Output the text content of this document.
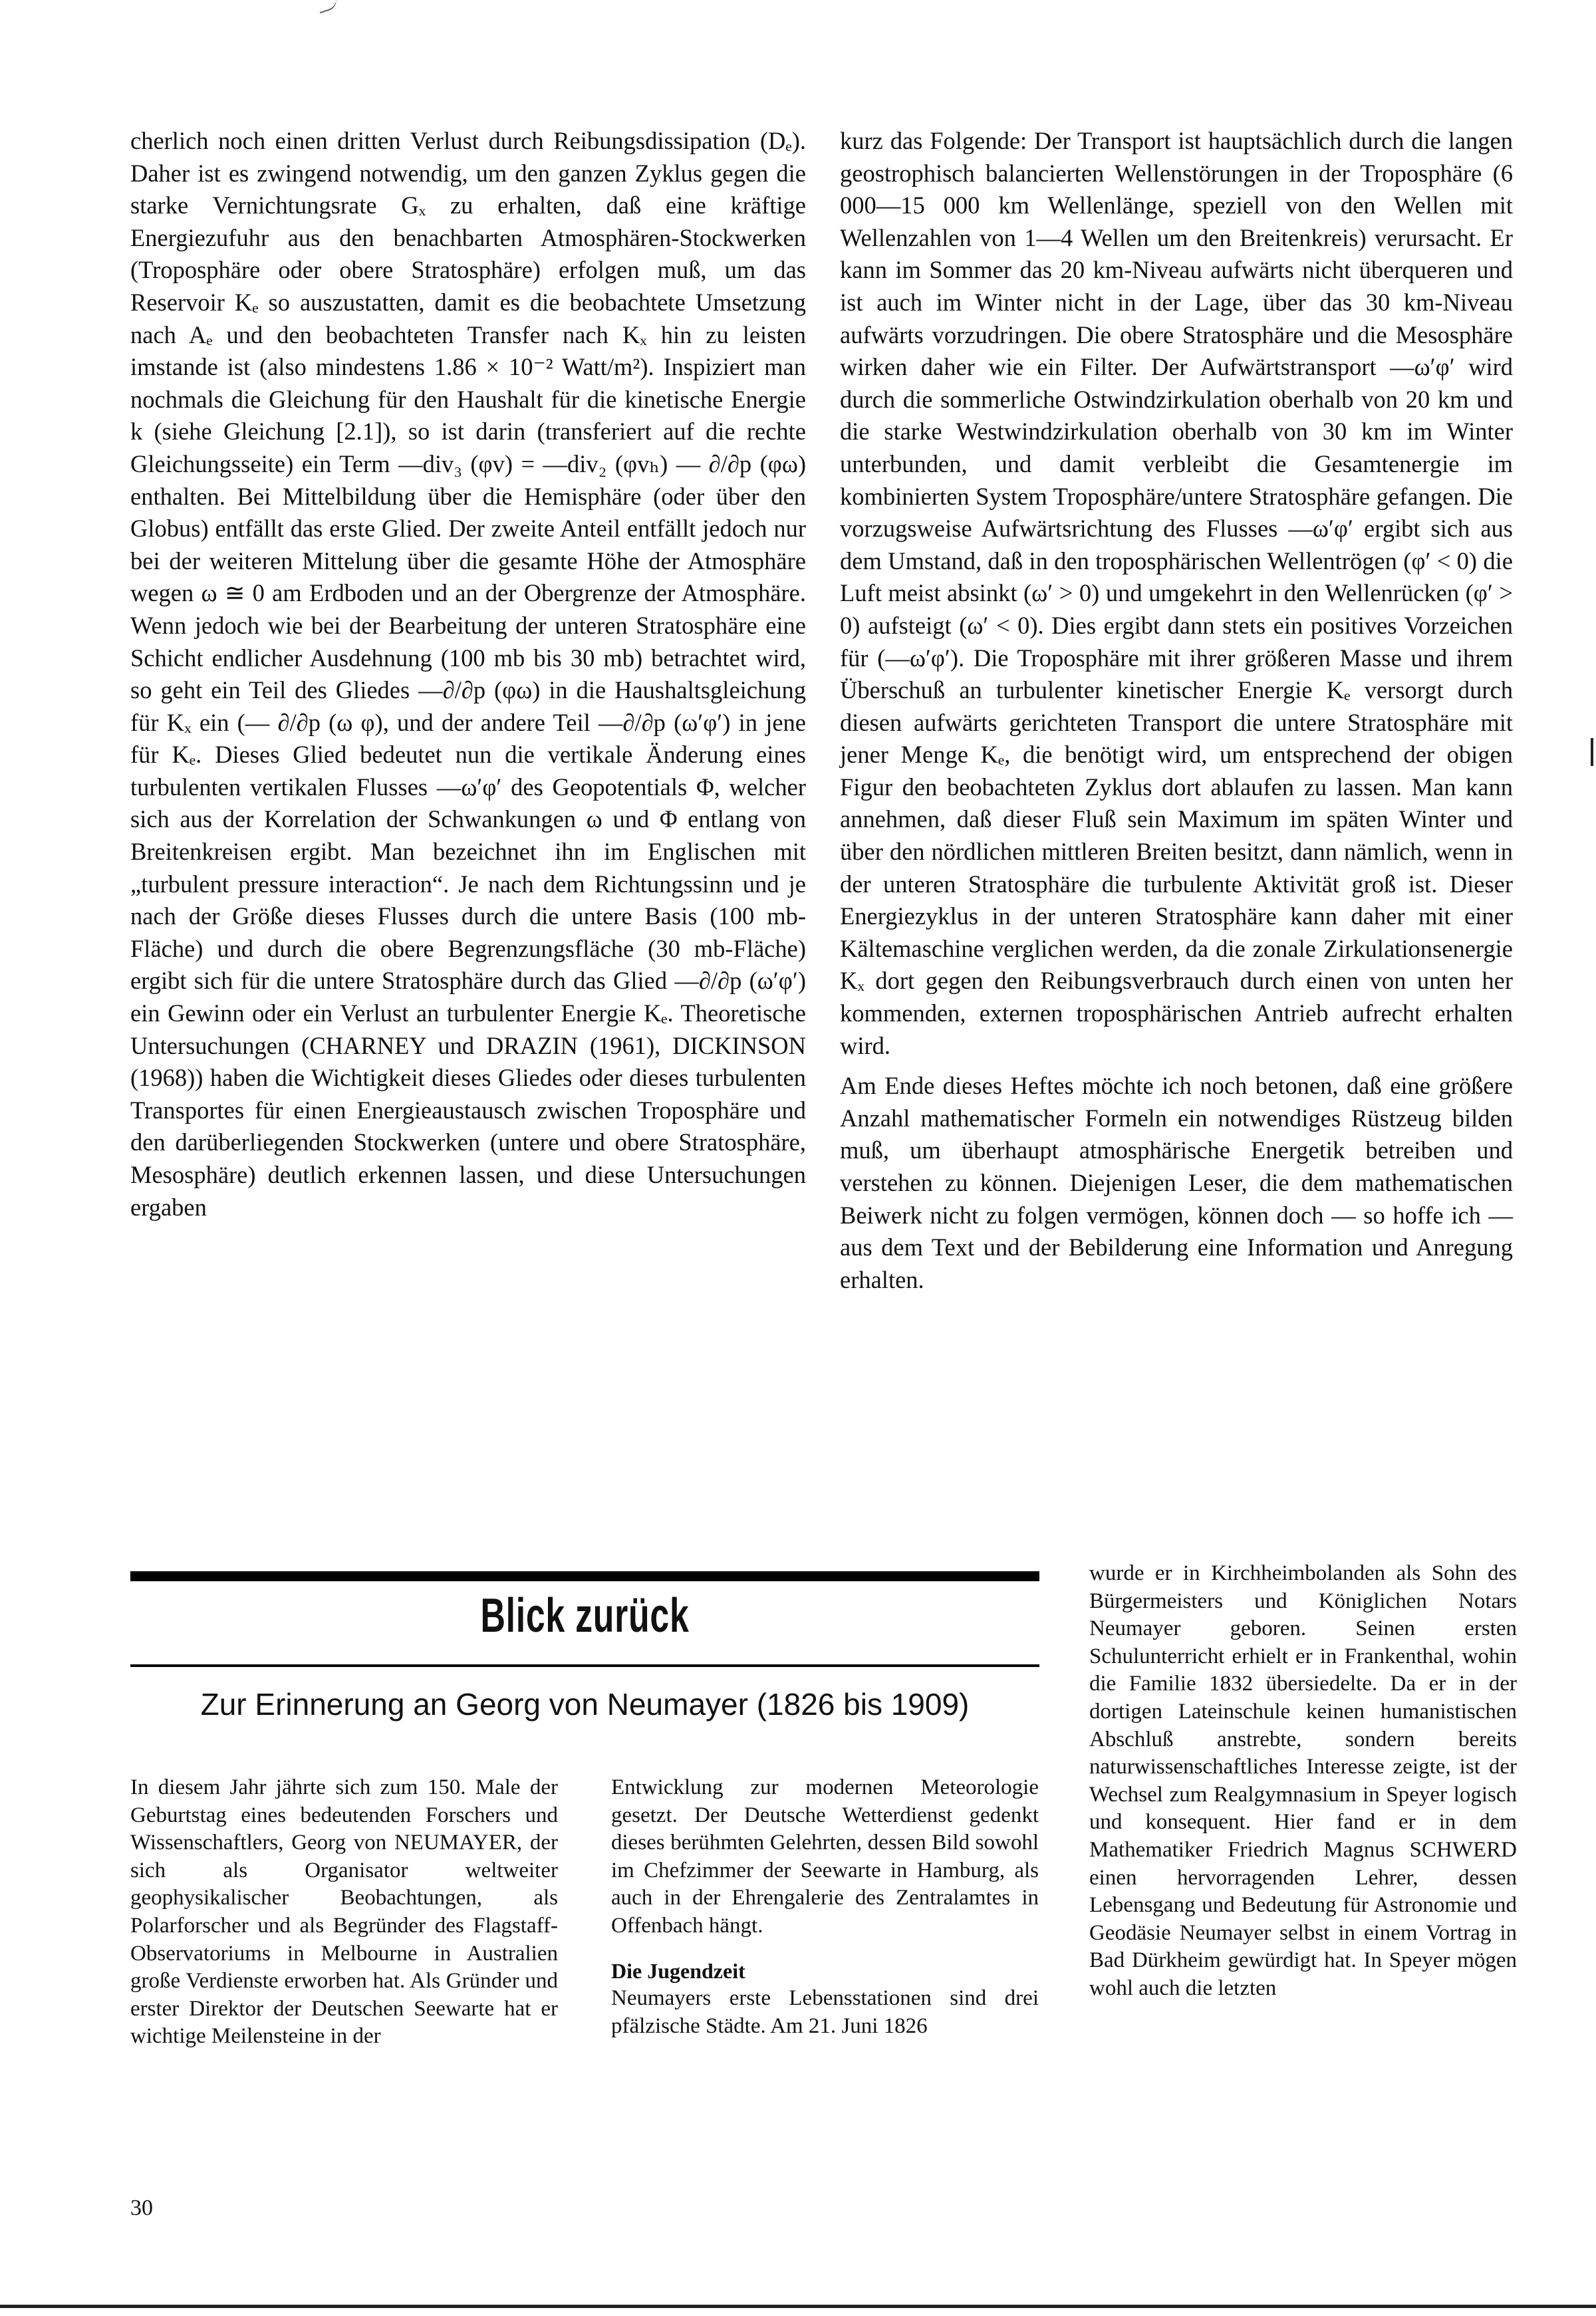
cherlich noch einen dritten Verlust durch Reibungsdissipation (Dₑ). Daher ist es zwingend notwendig, um den ganzen Zyklus gegen die starke Vernichtungsrate Gₓ zu erhalten, daß eine kräftige Energiezufuhr aus den benachbarten Atmosphären-Stockwerken (Troposphäre oder obere Stratosphäre) erfolgen muß, um das Reservoir Kₑ so auszustatten, damit es die beobachtete Umsetzung nach Aₑ und den beobachteten Transfer nach Kₓ hin zu leisten imstande ist (also mindestens 1.86 × 10⁻² Watt/m²). Inspiziert man nochmals die Gleichung für den Haushalt für die kinetische Energie k (siehe Gleichung [2.1]), so ist darin (transferiert auf die rechte Gleichungsseite) ein Term —div₃ (φv) = —div₂ (φvₕ) — ∂/∂p (φω) enthalten. Bei Mittelbildung über die Hemisphäre (oder über den Globus) entfällt das erste Glied. Der zweite Anteil entfällt jedoch nur bei der weiteren Mittelung über die gesamte Höhe der Atmosphäre wegen ω ≅ 0 am Erdboden und an der Obergrenze der Atmosphäre. Wenn jedoch wie bei der Bearbeitung der unteren Stratosphäre eine Schicht endlicher Ausdehnung (100 mb bis 30 mb) betrachtet wird, so geht ein Teil des Gliedes —∂/∂p (φω) in die Haushaltsgleichung für Kₓ ein (— ∂/∂p (ω φ), und der andere Teil —∂/∂p (ω′φ′) in jene für Kₑ. Dieses Glied bedeutet nun die vertikale Änderung eines turbulenten vertikalen Flusses —ω′φ′ des Geopotentials Φ, welcher sich aus der Korrelation der Schwankungen ω und Φ entlang von Breitenkreisen ergibt. Man bezeichnet ihn im Englischen mit „turbulent pressure interaction“. Je nach dem Richtungssinn und je nach der Größe dieses Flusses durch die untere Basis (100 mb-Fläche) und durch die obere Begrenzungsfläche (30 mb-Fläche) ergibt sich für die untere Stratosphäre durch das Glied —∂/∂p (ω′φ′) ein Gewinn oder ein Verlust an turbulenter Energie Kₑ. Theoretische Untersuchungen (CHARNEY und DRAZIN (1961), DICKINSON (1968)) haben die Wichtigkeit dieses Gliedes oder dieses turbulenten Transportes für einen Energieaustausch zwischen Troposphäre und den darüberliegenden Stockwerken (untere und obere Stratosphäre, Mesosphäre) deutlich erkennen lassen, und diese Untersuchungen ergaben

kurz das Folgende: Der Transport ist hauptsächlich durch die langen geostrophisch balancierten Wellenstörungen in der Troposphäre (6 000—15 000 km Wellenlänge, speziell von den Wellen mit Wellenzahlen von 1—4 Wellen um den Breitenkreis) verursacht. Er kann im Sommer das 20 km-Niveau aufwärts nicht überqueren und ist auch im Winter nicht in der Lage, über das 30 km-Niveau aufwärts vorzudringen. Die obere Stratosphäre und die Mesosphäre wirken daher wie ein Filter. Der Aufwärtstransport —ω′φ′ wird durch die sommerliche Ostwindzirkulation oberhalb von 20 km und die starke Westwindzirkulation oberhalb von 30 km im Winter unterbunden, und damit verbleibt die Gesamtenergie im kombinierten System Troposphäre/untere Stratosphäre gefangen. Die vorzugsweise Aufwärtsrichtung des Flusses —ω′φ′ ergibt sich aus dem Umstand, daß in den troposphärischen Wellentrögen (φ′ < 0) die Luft meist absinkt (ω′ > 0) und umgekehrt in den Wellenrücken (φ′ > 0) aufsteigt (ω′ < 0). Dies ergibt dann stets ein positives Vorzeichen für (—ω′φ′). Die Troposphäre mit ihrer größeren Masse und ihrem Überschuß an turbulenter kinetischer Energie Kₑ versorgt durch diesen aufwärts gerichteten Transport die untere Stratosphäre mit jener Menge Kₑ, die benötigt wird, um entsprechend der obigen Figur den beobachteten Zyklus dort ablaufen zu lassen. Man kann annehmen, daß dieser Fluß sein Maximum im späten Winter und über den nördlichen mittleren Breiten besitzt, dann nämlich, wenn in der unteren Stratosphäre die turbulente Aktivität groß ist. Dieser Energiezyklus in der unteren Stratosphäre kann daher mit einer Kältemaschine verglichen werden, da die zonale Zirkulationsenergie Kₓ dort gegen den Reibungsverbrauch durch einen von unten her kommenden, externen troposphärischen Antrieb aufrecht erhalten wird.

Am Ende dieses Heftes möchte ich noch betonen, daß eine größere Anzahl mathematischer Formeln ein notwendiges Rüstzeug bilden muß, um überhaupt atmosphärische Energetik betreiben und verstehen zu können. Diejenigen Leser, die dem mathematischen Beiwerk nicht zu folgen vermögen, können doch — so hoffe ich — aus dem Text und der Bebilderung eine Information und Anregung erhalten.

Blick zurück
Zur Erinnerung an Georg von Neumayer (1826 bis 1909)

In diesem Jahr jährte sich zum 150. Male der Geburtstag eines bedeutenden Forschers und Wissenschaftlers, Georg von NEUMAYER, der sich als Organisator weltweiter geophysikalischer Beobachtungen, als Polarforscher und als Begründer des Flagstaff-Observatoriums in Melbourne in Australien große Verdienste erworben hat. Als Gründer und erster Direktor der Deutschen Seewarte hat er wichtige Meilensteine in der

Entwicklung zur modernen Meteorologie gesetzt. Der Deutsche Wetterdienst gedenkt dieses berühmten Gelehrten, dessen Bild sowohl im Chefzimmer der Seewarte in Hamburg, als auch in der Ehrengalerie des Zentralamtes in Offenbach hängt.

Die Jugendzeit

Neumayers erste Lebensstationen sind drei pfälzische Städte. Am 21. Juni 1826

wurde er in Kirchheimbolanden als Sohn des Bürgermeisters und Königlichen Notars Neumayer geboren. Seinen ersten Schulunterricht erhielt er in Frankenthal, wohin die Familie 1832 übersiedelte. Da er in der dortigen Lateinschule keinen humanistischen Abschluß anstrebte, sondern bereits naturwissenschaftliches Interesse zeigte, ist der Wechsel zum Realgymnasium in Speyer logisch und konsequent. Hier fand er in dem Mathematiker Friedrich Magnus SCHWERD einen hervorragenden Lehrer, dessen Lebensgang und Bedeutung für Astronomie und Geodäsie Neumayer selbst in einem Vortrag in Bad Dürkheim gewürdigt hat. In Speyer mögen wohl auch die letzten

30
